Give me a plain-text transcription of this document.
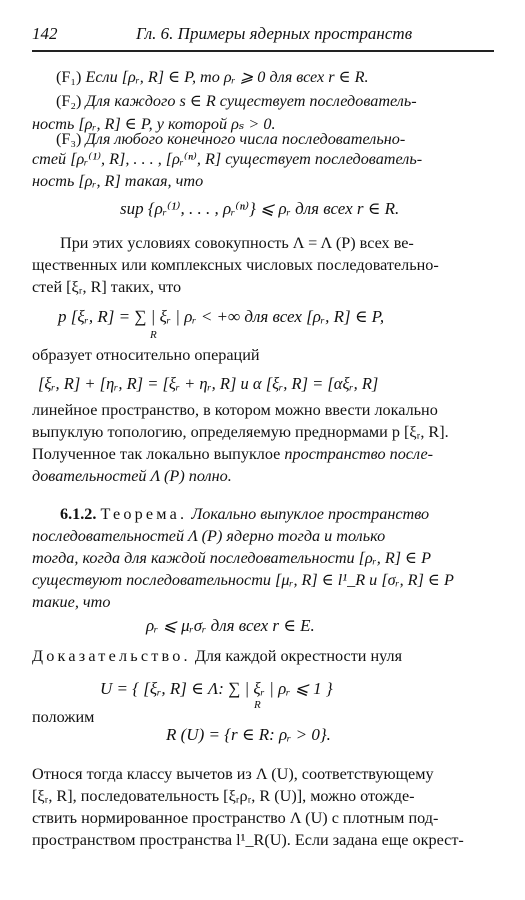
142	Гл. 6. Примеры ядерных пространств
(F₁) Если [ρᵣ, R] ∈ P, то ρᵣ ⩾ 0 для всех r ∈ R.
(F₂) Для каждого s ∈ R существует последователь-
ность [ρᵣ, R] ∈ P, у которой ρₛ > 0.
(F₃) Для любого конечного числа последовательно-
стей [ρᵣ⁽¹⁾, R], . . . , [ρᵣ⁽ⁿ⁾, R] существует последователь-
ность [ρᵣ, R] такая, что
sup {ρᵣ⁽¹⁾, . . . , ρᵣ⁽ⁿ⁾} ⩽ ρᵣ для всех r ∈ R.
При этих условиях совокупность Λ = Λ (P) всех ве-
щественных или комплексных числовых последовательно-
стей [ξᵣ, R] таких, что
p [ξᵣ, R] = ∑ | ξᵣ | ρᵣ < +∞ для всех [ρᵣ, R] ∈ P,
R
образует относительно операций
[ξᵣ, R] + [ηᵣ, R] = [ξᵣ + ηᵣ, R] и α [ξᵣ, R] = [αξᵣ, R]
линейное пространство, в котором можно ввести локально
выпуклую топологию, определяемую преднормами p [ξᵣ, R].
Полученное так локально выпуклое пространство после-
довательностей Λ (P) полно.
6.1.2. Теорема. Локально выпуклое пространство
последовательностей Λ (P) ядерно тогда и только
тогда, когда для каждой последовательности [ρᵣ, R] ∈ P
существуют последовательности [μᵣ, R] ∈ l¹_R и [σᵣ, R] ∈ P
такие, что
ρᵣ ⩽ μᵣσᵣ для всех r ∈ E.
Доказательство. Для каждой окрестности нуля
U = { [ξᵣ, R] ∈ Λ: ∑ | ξᵣ | ρᵣ ⩽ 1 }
R
положим
R (U) = {r ∈ R: ρᵣ > 0}.
Относя тогда классу вычетов из Λ (U), соответствующему
[ξᵣ, R], последовательность [ξᵣρᵣ, R (U)], можно отожде-
ствить нормированное пространство Λ (U) с плотным под-
пространством пространства l¹_R(U). Если задана еще окрест-
